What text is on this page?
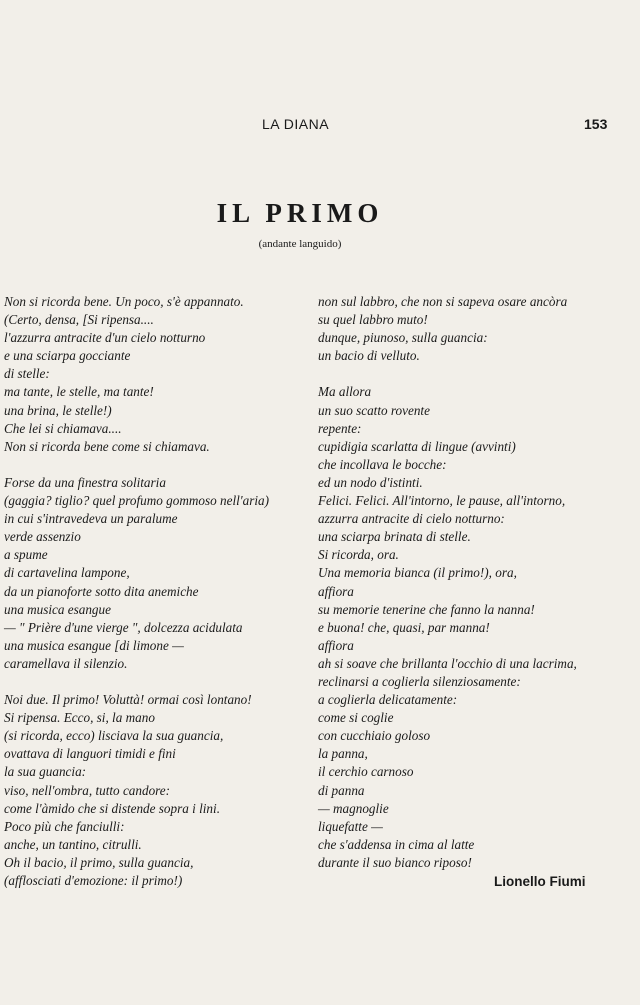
LA DIANA	153
IL PRIMO
(andante languido)
Non si ricorda bene. Un poco, s'è appannato.
(Certo, densa, [Si ripensa....
l'azzurra antracite d'un cielo notturno
e una sciarpa gocciante
di stelle:
ma tante, le stelle, ma tante!
una brina, le stelle!)
Che lei si chiamava....
Non si ricorda bene come si chiamava.
Forse da una finestra solitaria
(gaggia? tiglio? quel profumo gommoso nell'aria)
in cui s'intravedeva un paralume
verde assenzio
a spume
di cartavelina lampone,
da un pianoforte sotto dita anemiche
una musica esangue
— " Prière d'une vierge ", dolcezza acidulata
una musica esangue [di limone —
caramellava il silenzio.
Noi due. Il primo! Voluttà! ormai così lontano!
Si ripensa. Ecco, si, la mano
(si ricorda, ecco) lisciava la sua guancia,
ovattava di languori timidi e fini
la sua guancia:
viso, nell'ombra, tutto candore:
come l'àmido che si distende sopra i lini.
Poco più che fanciulli:
anche, un tantino, citrulli.
Oh il bacio, il primo, sulla guancia,
(afflosciati d'emozione: il primo!)
non sul labbro, che non si sapeva osare ancòra
su quel labbro muto!
dunque, piunoso, sulla guancia:
un bacio di velluto.
Ma allora
un suo scatto rovente
repente:
cupidigia scarlatta di lingue (avvinti)
che incollava le bocche:
ed un nodo d'istinti.
Felici. Felici. All'intorno, le pause, all'intorno,
azzurra antracite di cielo notturno:
una sciarpa brinata di stelle.
Si ricorda, ora.
Una memoria bianca (il primo!), ora,
affiora
su memorie tenerine che fanno la nanna!
e buona! che, quasi, par manna!
affiora
ah si soave che brillanta l'occhio di una lacrima,
reclinarsi a coglierla silenziosamente:
a coglierla delicatamente:
come si coglie
con cucchiaio goloso
la panna,
il cerchio carnoso
di panna
— magnoglie
liquefatte —
che s'addensa in cima al latte
durante il suo bianco riposo!
Lionello Fiumi
